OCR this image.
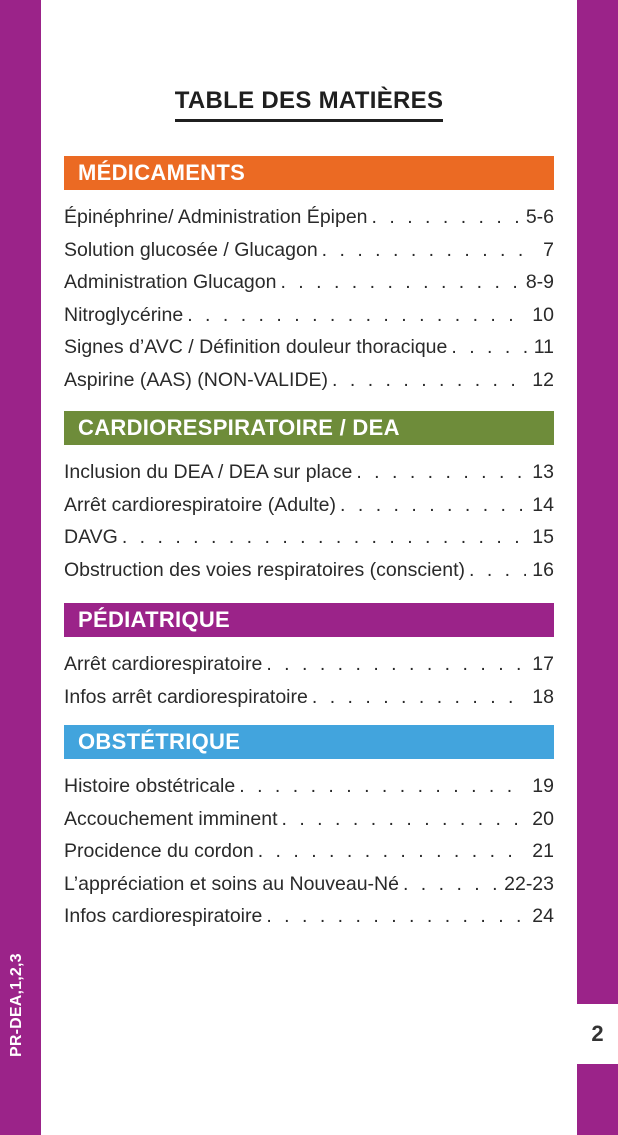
PR-DEA,1,2,3	2
TABLE DES MATIÈRES
MÉDICAMENTS
Épinéphrine/ Administration Épipen . . .	5-6
Solution glucosée / Glucagon . . .	7
Administration Glucagon . . .	8-9
Nitroglycérine . . .	10
Signes d’AVC / Définition douleur thoracique . . .	11
Aspirine (AAS) (NON-VALIDE) . . .	12
CARDIORESPIRATOIRE / DEA
Inclusion du DEA / DEA sur place . . .	13
Arrêt cardiorespiratoire (Adulte) . . .	14
DAVG . . .	15
Obstruction des voies respiratoires (conscient) . . .	16
PÉDIATRIQUE
Arrêt cardiorespiratoire . . .	17
Infos arrêt cardiorespiratoire . . .	18
OBSTÉTRIQUE
Histoire obstétricale . . .	19
Accouchement imminent . . .	20
Procidence du cordon . . .	21
L’appréciation et soins au Nouveau-Né . . .	22-23
Infos cardiorespiratoire . . .	24
